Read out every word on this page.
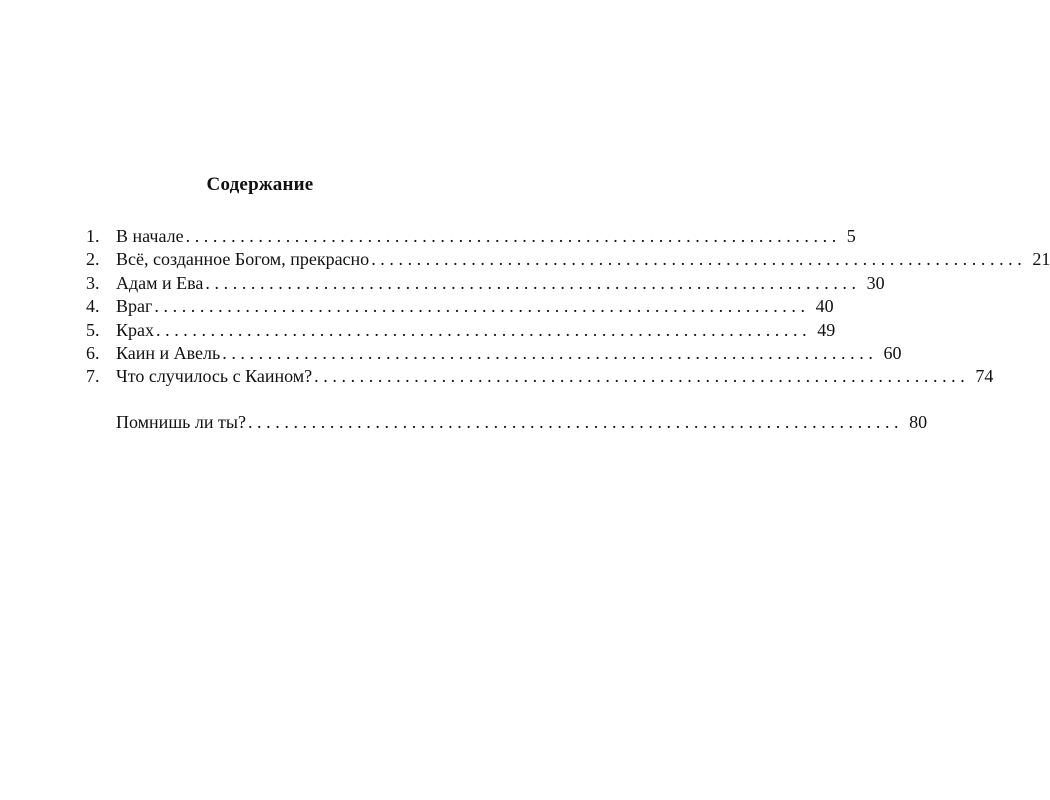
Содержание
1. В начале ........................................................................ 5
2. Всё, созданное Богом, прекрасно ........................................................................ 21
3. Адам и Ева ........................................................................ 30
4. Враг ........................................................................ 40
5. Крах ........................................................................ 49
6. Каин и Авель ........................................................................ 60
7. Что случилось с Каином? ........................................................................ 74
Помнишь ли ты? ........................................................................ 80
